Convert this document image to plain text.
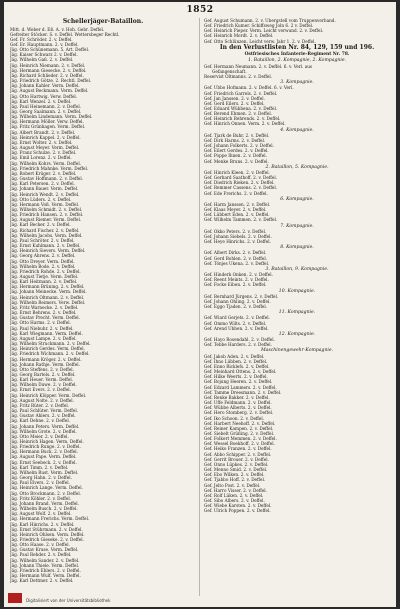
1852
Schellerjäger-Bataillon.
Mitt. d. Weber d. Eß. A. v. Hoh. Gebr. Deffel.
Gefreiter Stöcker. S. v. Deffel. Wettersbeger Rechtl.
Gef. Fr. Schröder. 2. v. Deffel.
Gef. Er. Hauptmann. 2. v. Deffel.
Jäg. Otto Schünemann. 5. Art. Deffel.
Jäg. Kaiser Schwarz 2. v. Deffel.
Jäg. Wilhelm Gaß. 2. v. Deffel.
Jäg. Heinrich Niemann. 2. v. Deffel.
Jäg. Hermann Giesecke. 2. v. Deffel.
Jäg. Richard Schlieder. 2. v. Deffel.
Jäg. Friedrich Götze. 2. Rechtl. Deffel.
Jäg. Johann Kahler. Verm. Deffel.
Jäg. August Beckmann. Verm. Deffel.
Jäg. Otto Hartwig. Verw. Deffel.
Jäg. Karl Wenzel. 2. v. Deffel.
Jäg. Paul Heinemann. 2. v. Deffel.
Jäg. Georg Saalmann. 2. v. Deffel.
Jäg. Wilhelm Lindemann. Verm. Deffel.
Jäg. Hermann Möller. Verw. Deffel.
Jäg. Fritz Grünhagen. Verm. Deffel.
Jäg. Albert Brandt. 2. v. Deffel.
Jäg. Heinrich Kappel. 2. v. Deffel.
Jäg. Ernst Wolter. 2. v. Deffel.
Jäg. August Meyer. Verm. Deffel.
Jäg. Franz Schulze. 2. v. Deffel.
Jäg. Emil Lorenz. 2. v. Deffel.
Jäg. Wilhelm Kohrs. Verm. Deffel.
Jäg. Friedrich Mahnke. Verm. Deffel.
Jäg. Robert Krüger. 2. v. Deffel.
Jäg. Gustav Hoffmann. 2. v. Deffel.
Jäg. Karl Petersen. 2. v. Deffel.
Jäg. Johann Bauer. Verm. Deffel.
Jäg. Heinrich Wendt. 2. v. Deffel.
Jäg. Otto Lüders. 2. v. Deffel.
Jäg. Hermann Voß. Verm. Deffel.
Jäg. Wilhelm Schmidt. 2. v. Deffel.
Jäg. Friedrich Hansen. 2. v. Deffel.
Jäg. August Riemer. Verm. Deffel.
Jäg. Karl Becker. 2. v. Deffel.
Jäg. Richard Fischer. 2. v. Deffel.
Jäg. Wilhelm Jacobs. Verm. Deffel.
Jäg. Paul Schröter. 2. v. Deffel.
Jäg. Ernst Kuhlmann. 2. v. Deffel.
Jäg. Heinrich Sievers. Verm. Deffel.
Jäg. Georg Ahrens. 2. v. Deffel.
Jäg. Otto Dreyer. Verm. Deffel.
Jäg. Wilhelm Bode. 2. v. Deffel.
Jäg. Friedrich Rohde. 2. v. Deffel.
Jäg. August Tietje. Verm. Deffel.
Jäg. Karl Heitmann. 2. v. Deffel.
Jäg. Hermann Brüning. 2. v. Deffel.
Jäg. Johann Meinecke. Verm. Deffel.
Jäg. Heinrich Oltmann. 2. v. Deffel.
Jäg. Wilhelm Reimers. Verw. Deffel.
Jäg. Fritz Warnecke. 2. v. Deffel.
Jäg. Ernst Behrens. 2. v. Deffel.
Jäg. Gustav Precht. Verm. Deffel.
Jäg. Otto Harms. 2. v. Deffel.
Jäg. Paul Niebuhr. 2. v. Deffel.
Jäg. Karl Wiegmann. Verm. Deffel.
Jäg. August Lampe. 2. v. Deffel.
Jäg. Wilhelm Struckmann. 2. v. Deffel.
Jäg. Heinrich Gerdes. Verm. Deffel.
Jäg. Friedrich Wichmann. 2. v. Deffel.
Jäg. Hermann Kröger. 2. v. Deffel.
Jäg. Johann Rathje. Verm. Deffel.
Jäg. Otto Steffens. 2. v. Deffel.
Jäg. Georg Bartels. 2. v. Deffel.
Jäg. Karl Heuer. Verm. Deffel.
Jäg. Wilhelm Duwe. 2. v. Deffel.
Jäg. Ernst Evers. 2. v. Deffel.
Jäg. Heinrich Klöpper. Verm. Deffel.
Jäg. August Nolte. 2. v. Deffel.
Jäg. Fritz Rüter. 2. v. Deffel.
Jäg. Paul Schlüter. Verm. Deffel.
Jäg. Gustav Ahlers. 2. v. Deffel.
Jäg. Karl Dehne. 2. v. Deffel.
Jäg. Johann Peters. Verm. Deffel.
Jäg. Wilhelm Grote. 2. v. Deffel.
Jäg. Otto Meier. 2. v. Deffel.
Jäg. Heinrich Hagen. Verm. Deffel.
Jäg. Friedrich Runge. 2. v. Deffel.
Jäg. Hermann Buck. 2. v. Deffel.
Jäg. August Pape. Verm. Deffel.
Jäg. Ernst Seebeck. 2. v. Deffel.
Jäg. Karl Timm. 2. v. Deffel.
Jäg. Wilhelm Rust. Verm. Deffel.
Jäg. Georg Hahn. 2. v. Deffel.
Jäg. Paul Elvers. 2. v. Deffel.
Jäg. Heinrich Lange. Verm. Deffel.
Jäg. Otto Brockmann. 2. v. Deffel.
Jäg. Fritz Köhler. 2. v. Deffel.
Jäg. Johann Brand. Verm. Deffel.
Jäg. Wilhelm Busch. 2. v. Deffel.
Jäg. August Wolf. 2. v. Deffel.
Jäg. Hermann Frerichs. Verm. Deffel.
Jäg. Karl Hinrichs. 2. v. Deffel.
Jäg. Ernst Stührmann. 2. v. Deffel.
Jäg. Heinrich Ohlsen. Verm. Deffel.
Jäg. Friedrich Gieseke. 2. v. Deffel.
Jäg. Otto Haase. 2. v. Deffel.
Jäg. Gustav Kruse. Verm. Deffel.
Jäg. Paul Rehder. 2. v. Deffel.
Jäg. Wilhelm Sander. 2. v. Deffel.
Jäg. Johann Thiele. Verm. Deffel.
Jäg. Friedrich Ehlers. 2. v. Deffel.
Jäg. Hermann Wulf. Verm. Deffel.
Jäg. Karl Dettmer. 2. v. Deffel.
Gef. August Schumann. 2. v. Ubergstell vom Truppenverband.
Gef. Friedrich Kumer. Schiffsweg Joln 6. 2 v. Deffel.
Gef. Heinrich Pieper. Verm. Leicht verwund. 2. v. Deffel.
Gef. Heinrich Mordt. 2. v. Deffel.
Gef. Otto Schlünzen. Leicht verw. Jahr 1. 2. v. Deffel.
In den Verlustlisten Nr. 84, 129, 159 und 196.
Ostfriesisches Infanterie-Regiment Nr. 78.
1. Bataillon, 2. Kompagnie, 2. Kompagnie.
Gef. Hermann Neumann. 2. v. Deffel. 6. v. Verl. aus
Gefangenschaft.
Reservist Oltmanns. 2. v. Deffel.
3. Kompagnie.
Gef. Ubbo Hofmann. 2. v. Deffel. 6. v. Verl.
Gef. Friedrich Garrels. 2. v. Deffel.
Gef. Jan Janssen. 2. v. Deffel.
Gef. Gerd Eilers. 2. v. Deffel.
Gef. Eduard Wübbena. 2. v. Deffel.
Gef. Berend Ehmen. 2. v. Deffel.
Gef. Heinrich Behrends. 2. v. Deffel.
Gef. Hinrich Onnen. Verm. 2. v. Deffel.
4. Kompagnie.
Gef. Tjark de Buhr. 2. v. Deffel.
Gef. Dirk Harms. 2. v. Deffel.
Gef. Johann Folkerts. 2. v. Deffel.
Gef. Eilert Gerdes. 2. v. Deffel.
Gef. Poppe Ihnen. 2. v. Deffel.
Gef. Menke Bruns. 2. v. Deffel.
2. Bataillon, 5. Kompagnie.
Gef. Hinrich Kleen. 2. v. Deffel.
Gef. Gerhard Saathoff. 2. v. Deffel.
Gef. Diedrich Rieken. 2. v. Deffel.
Gef. Remmer Cassens. 2. v. Deffel.
Gef. Ede Frerichs. 2. v. Deffel.
6. Kompagnie.
Gef. Harm Janssen. 2. v. Deffel.
Gef. Klaas Meyer. 2. v. Deffel.
Gef. Lübbert Eden. 2. v. Deffel.
Gef. Wilhelm Tammen. 2. v. Deffel.
7. Kompagnie.
Gef. Okko Peters. 2. v. Deffel.
Gef. Johann Siebels. 2. v. Deffel.
Gef. Heye Hinrichs. 2. v. Deffel.
8. Kompagnie.
Gef. Albert Dirks. 2. v. Deffel.
Gef. Gerd Bohlen. 2. v. Deffel.
Gef. Tönjes Ukena. 2. v. Deffel.
3. Bataillon, 9. Kompagnie.
Gef. Hinderk Onken. 2. v. Deffel.
Gef. Reent Meints. 2. v. Deffel.
Gef. Focke Eiben. 2. v. Deffel.
10. Kompagnie.
Gef. Bernhard Jürgens. 2. v. Deffel.
Gef. Johann Ohling. 2. v. Deffel.
Gef. Eggo Tjaden. 2. v. Deffel.
11. Kompagnie.
Gef. Wiard Gerjets. 2. v. Deffel.
Gef. Ommo Wilts. 2. v. Deffel.
Gef. Arend Ubben. 2. v. Deffel.
12. Kompagnie.
Gef. Hayo Rosendahl. 2. v. Deffel.
Gef. Tebbe Harders. 2. v. Deffel.
Maschinengewehr-Kompagnie.
Gef. Jakob Aden. 2. v. Deffel.
Gef. Ihno Lübben. 2. v. Deffel.
Gef. Enno Ricklefs. 2. v. Deffel.
Gef. Meinhard Ottens. 2. v. Deffel.
Gef. Hilke Weerts. 2. v. Deffel.
Gef. Bojung Heeren. 2. v. Deffel.
Gef. Edzard Lammers. 2. v. Deffel.
Gef. Tamme Dreesmann. 2. v. Deffel.
Gef. Renke Bakker. 2. v. Deffel.
Gef. Uffe Feldmann. 2. v. Deffel.
Gef. Wübbe Alberts. 2. v. Deffel.
Gef. Hero Stomberg. 2. v. Deffel.
Gef. Iko Schoon. 2. v. Deffel.
Gef. Harbert Neehoff. 2. v. Deffel.
Gef. Reiner Kampen. 2. v. Deffel.
Gef. Siebelt Grüßing. 2. v. Deffel.
Gef. Folkert Memmen. 2. v. Deffel.
Gef. Wessel Boekhoff. 2. v. Deffel.
Gef. Heiko Franzen. 2. v. Deffel.
Gef. Abbo Schipper. 2. v. Deffel.
Gef. Gerrit Brouer. 2. v. Deffel.
Gef. Onno Lüpkes. 2. v. Deffel.
Gef. Menno Smid. 2. v. Deffel.
Gef. Ebo Wilken. 2. v. Deffel.
Gef. Tjabbo Hoff. 2. v. Deffel.
Gef. Jelto Post. 2. v. Deffel.
Gef. Harro Visser. 2. v. Deffel.
Gef. Rolf Lüken. 2. v. Deffel.
Gef. Sibo Albers. 2. v. Deffel.
Gef. Wiebe Karsten. 2. v. Deffel.
Gef. Ulrich Poppen. 2. v. Deffel.
Digitalisiert von der Universitätsbibliothek
